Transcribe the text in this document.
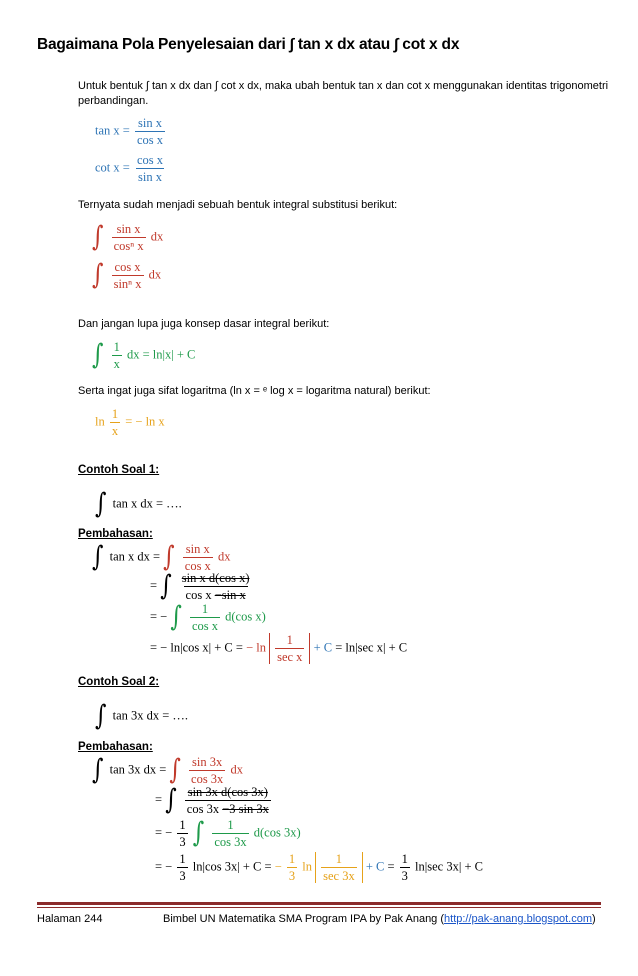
Bagaimana Pola Penyelesaian dari ∫ tan x dx atau ∫ cot x dx
Untuk bentuk ∫ tan x dx dan ∫ cot x dx, maka ubah bentuk tan x dan cot x menggunakan identitas trigonometri
perbandingan.
$\tan x = \frac{\text{sin x}}{\text{cos x}}$
$\cot x = \frac{\text{cos x}}{\text{sin x}}$
Ternyata sudah menjadi sebuah bentuk integral substitusi berikut:
∫ $\frac{\text{sin x}}{\text{cosⁿ x}}$ dx
∫ $\frac{\text{cos x}}{\text{sinⁿ x}}$ dx
Dan jangan lupa juga konsep dasar integral berikut:
∫ $\frac{1}{x}$ dx = ln|x| + C
Serta ingat juga sifat logaritma (ln x = ᵉ log x = logaritma natural) berikut:
$\ln \frac{1}{x}$ = − ln x
Contoh Soal 1:
∫ tan x dx = ….
Pembahasan:
∫ tan x dx = ∫ $\frac{\text{sin x}}{\text{cos x}}$ dx
= ∫ $\frac{\text{sin x d(cos x)}}{\text{cos x −sin x}}$
= − ∫ $\frac{1}{\text{cos x}} d(\cos$ x)
= − ln|cos x| + C = − $\ln \frac{1}{\text{sec x}} + C = \ln|\sec$ x| + C
Contoh Soal 2:
∫ tan 3x dx = ….
Pembahasan:
∫ tan 3x dx = ∫ $\frac{\sin 3x}{\cos 3x}$ dx
= ∫ $\frac{\text{sin 3x d(cos 3x)}}{\cos 3x -3 \sin 3x}$
= − $\frac{1}{3}$ ∫ $\frac{1}{\cos 3x} d(\cos$ 3x)
= − $\frac{1}{3} \ln|\cos$ 3x| + C = − $\frac{1}{3}$ $\ln \frac{1}{\sec 3x} + C = \frac{1}{3} \ln|\sec$ 3x| + C
Halaman 244	Bimbel UN Matematika SMA Program IPA by Pak Anang (http://pak-anang.blogspot.com)
